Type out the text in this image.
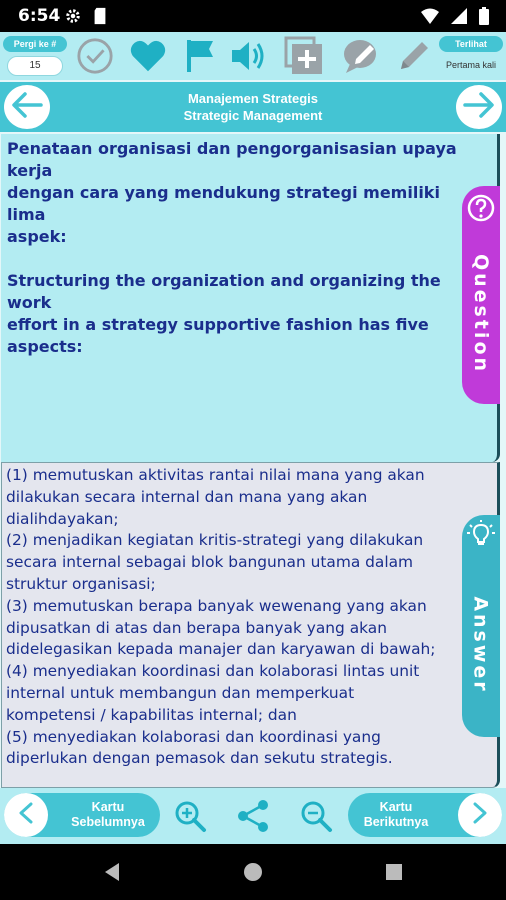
6:54
Pergi ke #
15
Terlihat
Pertama kali
Manajemen Strategis
Strategic Management
Penataan organisasi dan pengorganisasian upaya kerja
dengan cara yang mendukung strategi memiliki lima
aspek:

Structuring the organization and organizing the work
effort in a strategy supportive fashion has five aspects:	Question
(1) memutuskan aktivitas rantai nilai mana yang akan
dilakukan secara internal dan mana yang akan
dialihdayakan;
(2) menjadikan kegiatan kritis-strategi yang dilakukan
secara internal sebagai blok bangunan utama dalam
struktur organisasi;
(3) memutuskan berapa banyak wewenang yang akan
dipusatkan di atas dan berapa banyak yang akan
didelegasikan kepada manajer dan karyawan di bawah;
(4) menyediakan koordinasi dan kolaborasi lintas unit
internal untuk membangun dan memperkuat
kompetensi / kapabilitas internal; dan
(5) menyediakan kolaborasi dan koordinasi yang
diperlukan dengan pemasok dan sekutu strategis.
Answer
Kartu Sebelumnya
Kartu Berikutnya
